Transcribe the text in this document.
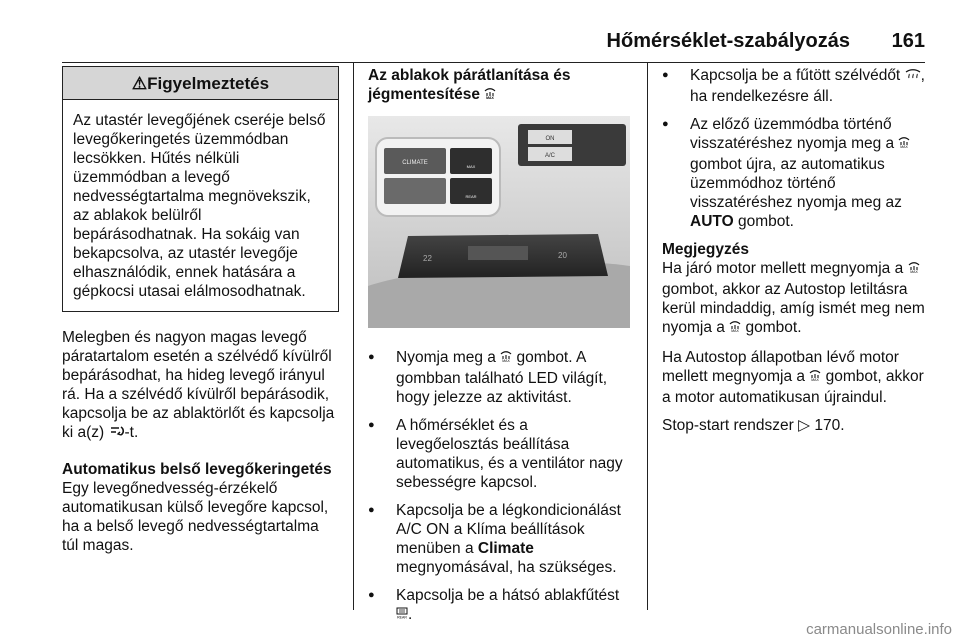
Hőmérséklet-szabályozás 161
⚠Figyelmeztetés
Az utastér levegőjének cseréje belső levegőkeringetés üzemmódban lecsökken. Hűtés nélküli üzemmódban a levegő nedvességtartalma megnövekszik, az ablakok belülről bepárásodhatnak. Ha sokáig van bekapcsolva, az utastér levegője elhasználódik, ennek hatására a gépkocsi utasai elálmosodhatnak.

Melegben és nagyon magas levegő páratartalom esetén a szélvédő kívülről bepárásodhat, ha hideg levegő irányul rá. Ha a szélvédő kívülről bepárásodik, kapcsolja be az ablaktörlőt és kapcsolja ki a(z) -t.

Automatikus belső levegőkeringetés

Egy levegőnedvesség-érzékelő automatikusan külső levegőre kapcsol, ha a belső levegő nedvességtartalma túl magas.

Az ablakok párátlanítása és jégmentesítése MAX

22	20
ON
A/C
CLIMATE
MAX
REAR
● Nyomja meg a MAX gombot. A gombban található LED világít, hogy jelezze az aktivitást.
● A hőmérséklet és a levegőelosztás beállítása automatikus, és a ventilátor nagy sebességre kapcsol.
● Kapcsolja be a légkondicionálást A/C ON a Klíma beállítások menüben a Climate megnyomásával, ha szükséges.
● Kapcsolja be a hátsó ablakfűtést
REAR .
● Kapcsolja be a fűtött szélvédőt , ha rendelkezésre áll.
● Az előző üzemmódba történő visszatéréshez nyomja meg a MAX
gombot újra, az automatikus üzemmódhoz történő visszatéréshez nyomja meg az AUTO gombot.

Megjegyzés

Ha járó motor mellett megnyomja a MAX
gombot, akkor az Autostop letiltásra kerül mindaddig, amíg ismét meg nem nyomja a MAX gombot.

Ha Autostop állapotban lévő motor mellett megnyomja a MAX gombot, akkor a motor automatikusan újraindul.

Stop-start rendszer ▷ 170.

carmanualsonline.info
